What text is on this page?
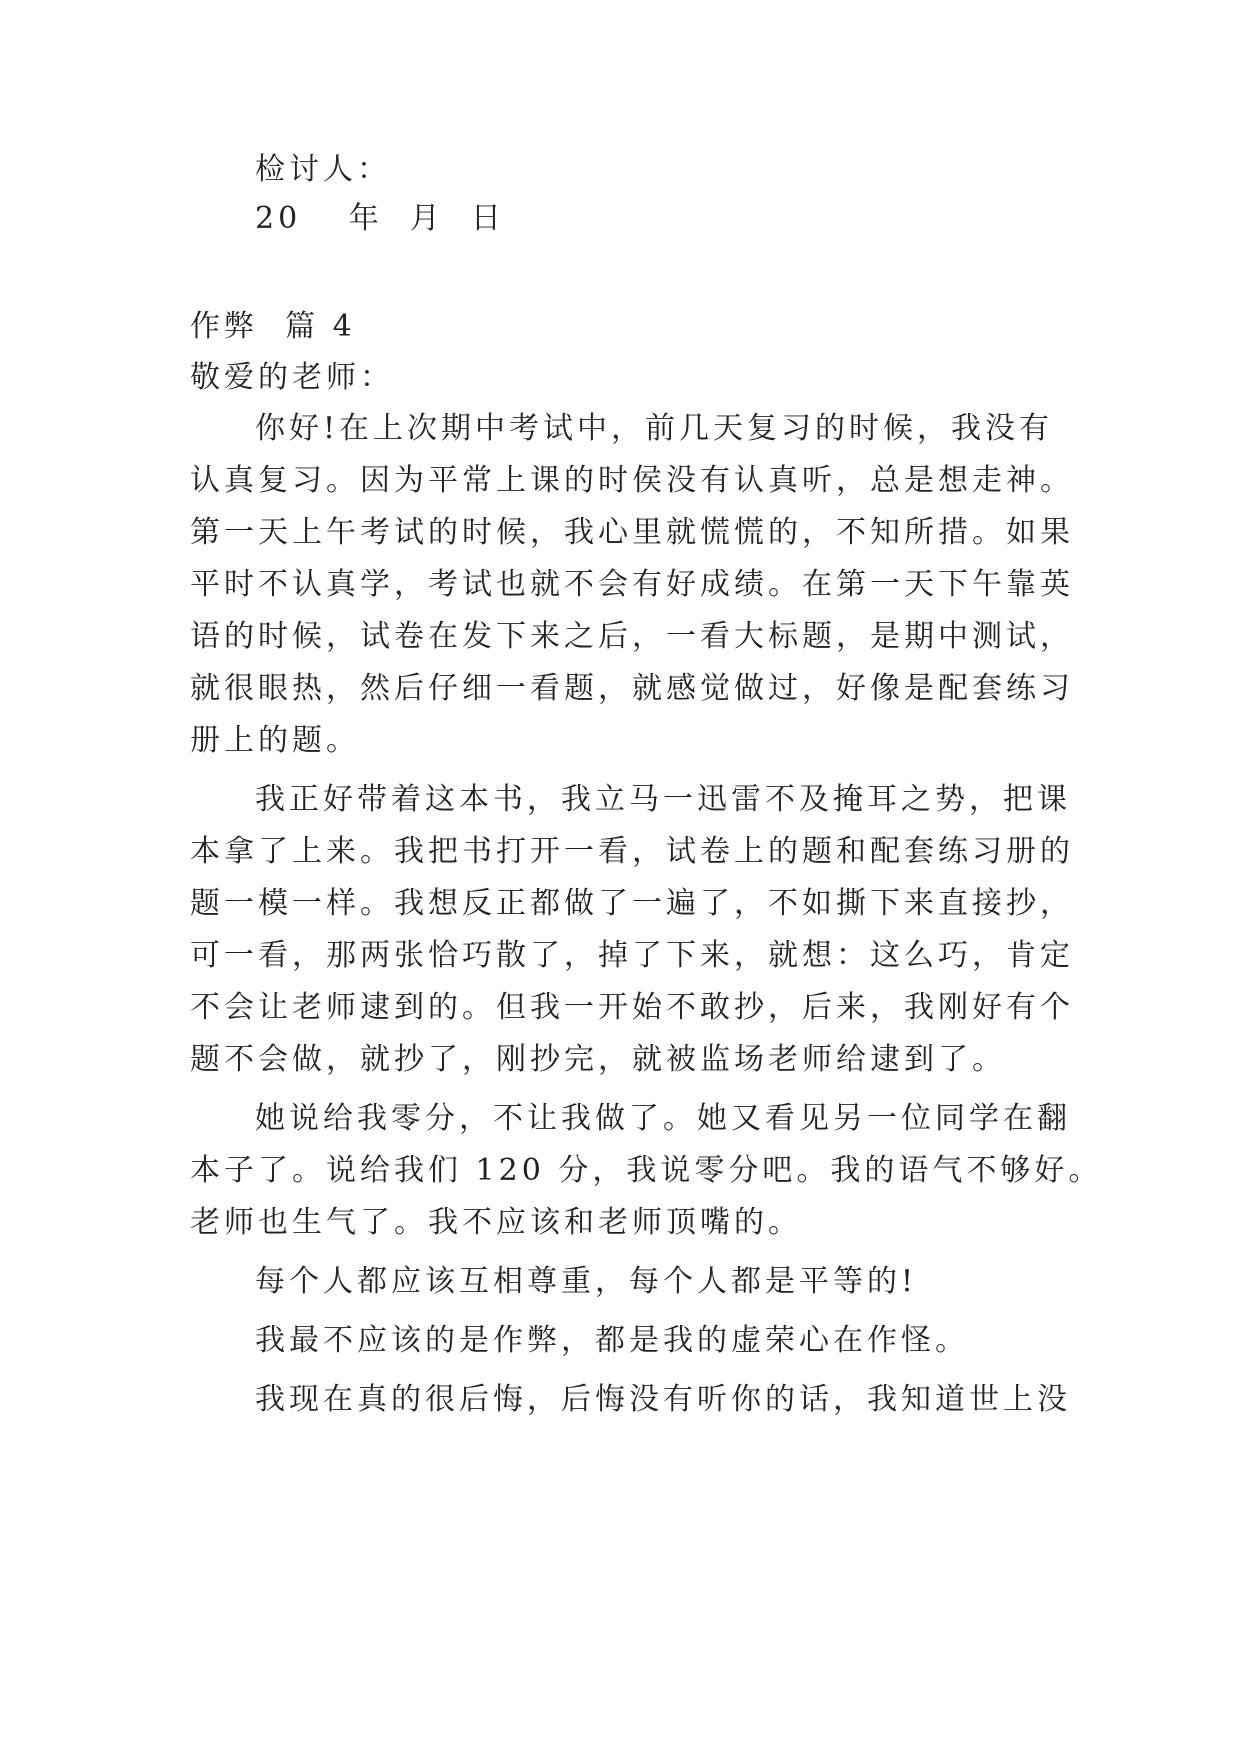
检讨人：
20　 年  月  日
作弊  篇 4
敬爱的老师：
你好!在上次期中考试中，前几天复习的时候，我没有
认真复习。因为平常上课的时侯没有认真听，总是想走神。
第一天上午考试的时候，我心里就慌慌的，不知所措。如果
平时不认真学，考试也就不会有好成绩。在第一天下午靠英
语的时候，试卷在发下来之后，一看大标题，是期中测试，
就很眼热，然后仔细一看题，就感觉做过，好像是配套练习
册上的题。
我正好带着这本书，我立马一迅雷不及掩耳之势，把课
本拿了上来。我把书打开一看，试卷上的题和配套练习册的
题一模一样。我想反正都做了一遍了，不如撕下来直接抄，
可一看，那两张恰巧散了，掉了下来，就想：这么巧，肯定
不会让老师逮到的。但我一开始不敢抄，后来，我刚好有个
题不会做，就抄了，刚抄完，就被监场老师给逮到了。
她说给我零分，不让我做了。她又看见另一位同学在翻
本子了。说给我们 120 分，我说零分吧。我的语气不够好。
老师也生气了。我不应该和老师顶嘴的。
每个人都应该互相尊重，每个人都是平等的!
我最不应该的是作弊，都是我的虚荣心在作怪。
我现在真的很后悔，后悔没有听你的话，我知道世上没
